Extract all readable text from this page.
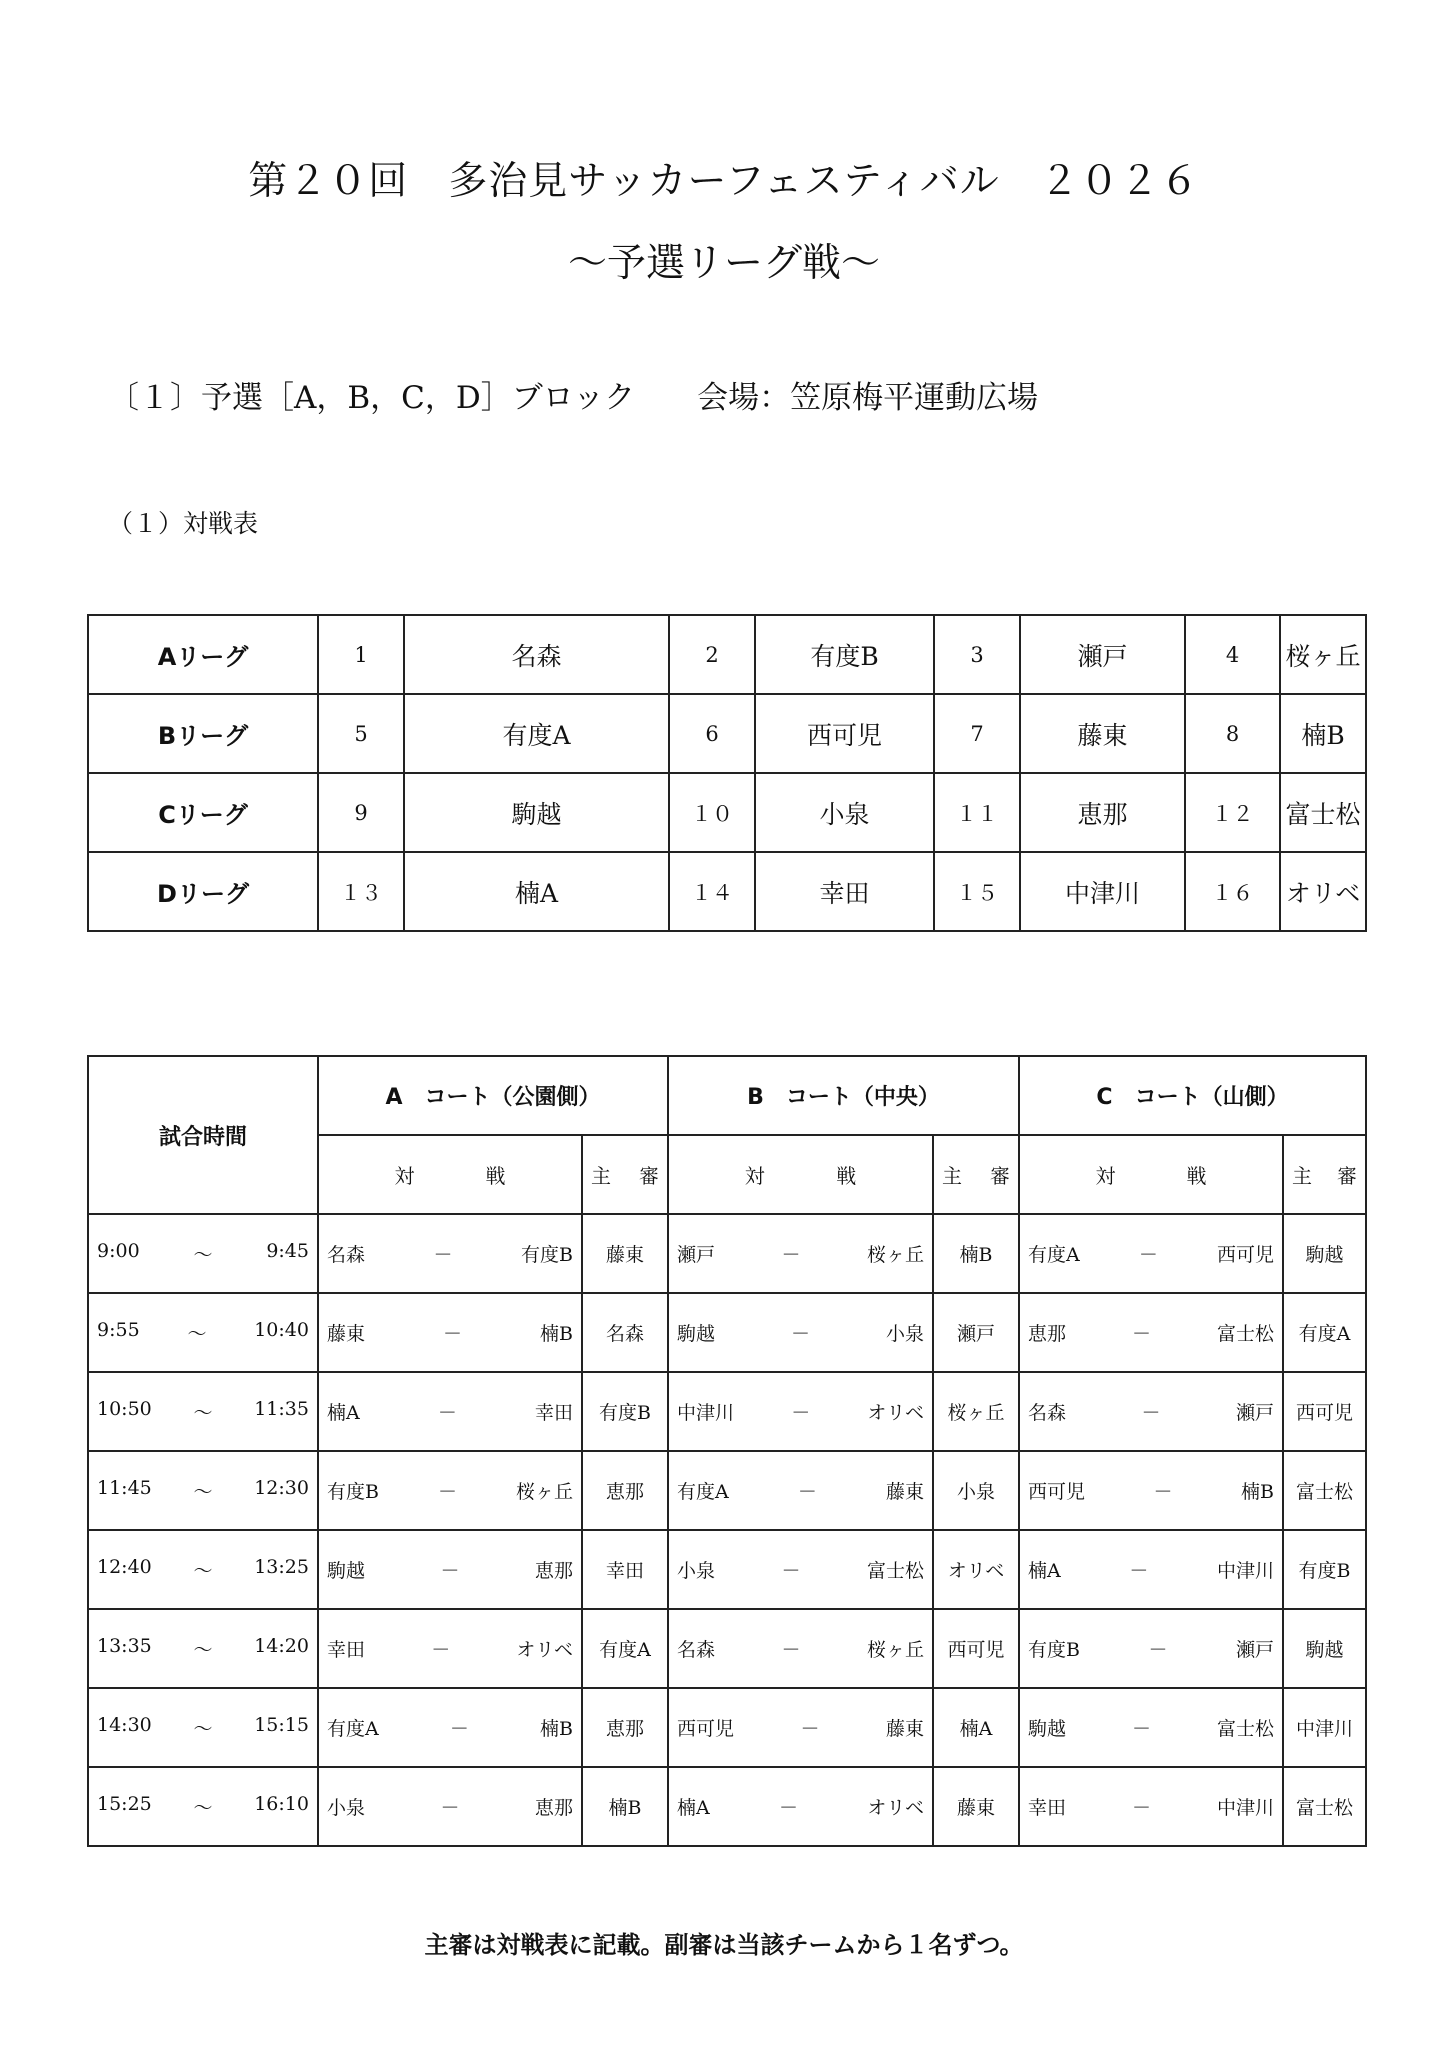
第２０回　多治見サッカーフェスティバル　２０２６
～予選リーグ戦～
〔１〕予選［A，B，C，D］ブロック　　会場：笠原梅平運動広場
（１）対戦表
Aリーグ	1	名森	2	有度B	3	瀬戸	4	桜ヶ丘
Bリーグ	5	有度A	6	西可児	7	藤東	8	楠B
Cリーグ	9	駒越	１０	小泉	１１	恵那	１２	富士松
Dリーグ	１３	楠A	１４	幸田	１５	中津川	１６	オリベ
試合時間	A　コート（公園側）		B　コート（中央）		C　コート（山側）	

	対 戦	主 審	対 戦	主 審	対 戦	主 審

9:00 ～ 9:45	名森 － 有度B	藤東	瀬戸 － 桜ヶ丘	楠B	有度A － 西可児	駒越

9:55 ～ 10:40	藤東 － 楠B	名森	駒越 － 小泉	瀬戸	恵那 － 富士松	有度A

10:50 ～ 11:35	楠A － 幸田	有度B	中津川 － オリベ	桜ヶ丘	名森 － 瀬戸	西可児

11:45 ～ 12:30	有度B － 桜ヶ丘	恵那	有度A － 藤東	小泉	西可児 － 楠B	富士松

12:40 ～ 13:25	駒越 － 恵那	幸田	小泉 － 富士松	オリベ	楠A － 中津川	有度B

13:35 ～ 14:20	幸田 － オリベ	有度A	名森 － 桜ヶ丘	西可児	有度B － 瀬戸	駒越

14:30 ～ 15:15	有度A － 楠B	恵那	西可児 － 藤東	楠A	駒越 － 富士松	中津川

15:25 ～ 16:10	小泉 － 恵那	楠B	楠A － オリベ	藤東	幸田 － 中津川	富士松
主審は対戦表に記載。副審は当該チームから１名ずつ。
